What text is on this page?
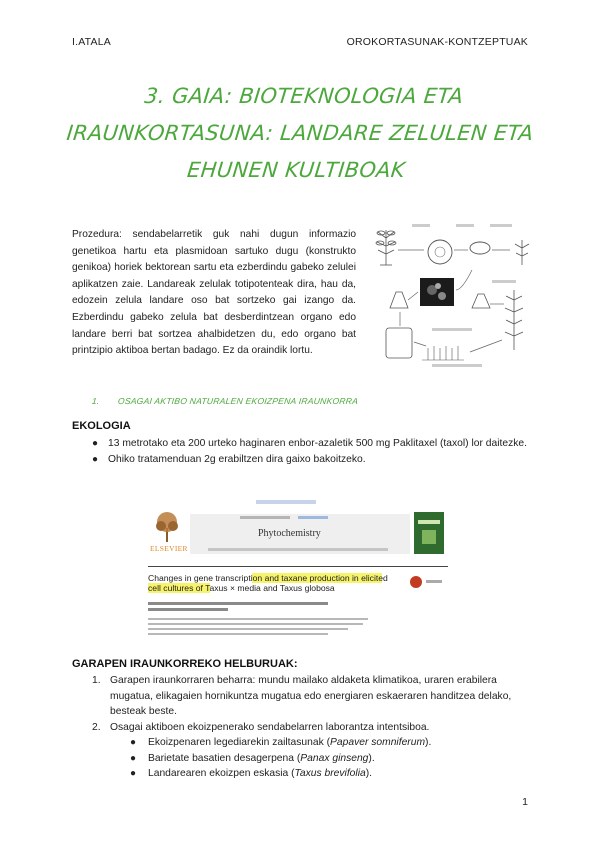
I.ATALA	OROKORTASUNAK-KONTZEPTUAK
3. GAIA: BIOTEKNOLOGIA ETA
IRAUNKORTASUNA: LANDARE ZELULEN ETA
EHUNEN KULTIBOAK

Prozedura: sendabelarretik guk nahi dugun informazio genetikoa hartu eta plasmidoan sartuko dugu (konstrukto genikoa) horiek bektorean sartu eta ezberdindu gabeko zelulei aplikatzen zaie. Landareak zelulak totipotenteak dira, hau da, edozein zelula landare oso bat sortzeko gai izango da. Ezberdindu gabeko zelula bat desberdintzean organo edo landare berri bat sortzea ahalbidetzen du, edo organo bat printzipio aktiboa bertan badago. Ez da oraindik lortu.

1. OSAGAI AKTIBO NATURALEN EKOIZPENA IRAUNKORRA
EKOLOGIA
● 13 metrotako eta 200 urteko haginaren enbor-azaletik 500 mg Paklitaxel (taxol) lor daitezke.
● Ohiko tratamenduan 2g erabiltzen dira gaixo bakoitzeko.
ELSEVIER
Phytochemistry
Changes in gene transcription and taxane production in elicited cell cultures of Taxus × media and Taxus globosa
GARAPEN IRAUNKORREKO HELBURUAK:
1. Garapen iraunkorraren beharra: mundu mailako aldaketa klimatikoa, uraren erabilera mugatua, elikagaien hornikuntza mugatua edo energiaren eskaeraren handitzea delako, besteak beste.
2. Osagai aktiboen ekoizpenerako sendabelarren laborantza intentsiboa.
● Ekoizpenaren legediarekin zailtasunak (Papaver somniferum).
● Barietate basatien desagerpena (Panax ginseng).
● Landarearen ekoizpen eskasia (Taxus brevifolia).
1
